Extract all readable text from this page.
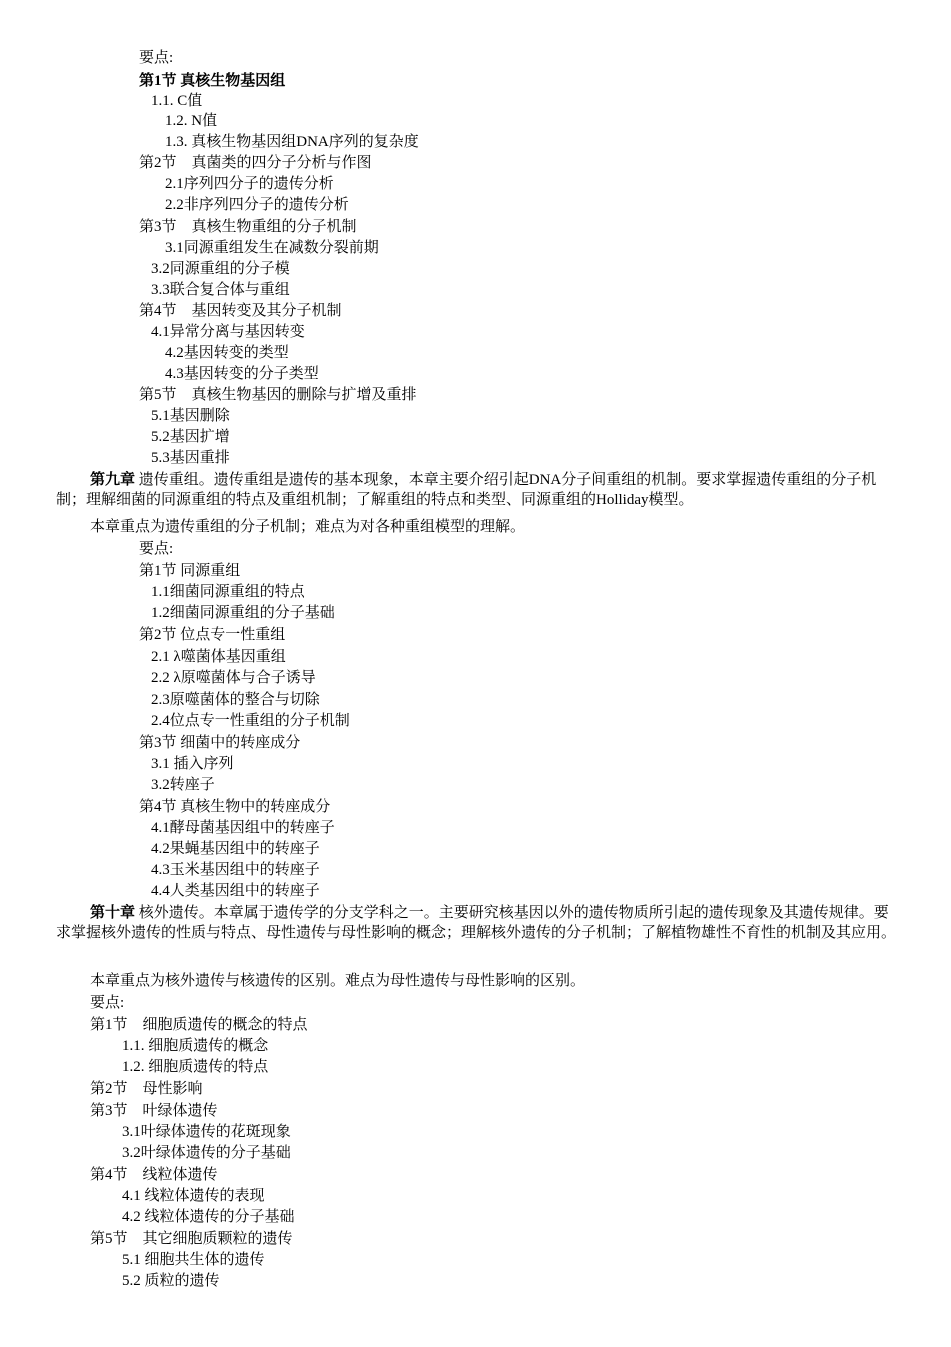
要点:
第1节 真核生物基因组
1.1. C值
1.2. N值
1.3. 真核生物基因组DNA序列的复杂度
第2节　真菌类的四分子分析与作图
2.1序列四分子的遗传分析
2.2非序列四分子的遗传分析
第3节　真核生物重组的分子机制
3.1同源重组发生在减数分裂前期
3.2同源重组的分子模
3.3联合复合体与重组
第4节　基因转变及其分子机制
4.1异常分离与基因转变
4.2基因转变的类型
4.3基因转变的分子类型
第5节　真核生物基因的删除与扩增及重排
5.1基因删除
5.2基因扩增
5.3基因重排
第九章 遗传重组。遗传重组是遗传的基本现象，本章主要介绍引起DNA分子间重组的机制。要求掌握遗传重组的分子机制；理解细菌的同源重组的特点及重组机制；了解重组的特点和类型、同源重组的Holliday模型。
本章重点为遗传重组的分子机制；难点为对各种重组模型的理解。
要点:
第1节 同源重组
1.1细菌同源重组的特点
1.2细菌同源重组的分子基础
第2节 位点专一性重组
2.1 λ噬菌体基因重组
2.2 λ原噬菌体与合子诱导
2.3原噬菌体的整合与切除
2.4位点专一性重组的分子机制
第3节 细菌中的转座成分
3.1 插入序列
3.2转座子
第4节 真核生物中的转座成分
4.1酵母菌基因组中的转座子
4.2果蝇基因组中的转座子
4.3玉米基因组中的转座子
4.4人类基因组中的转座子
第十章 核外遗传。本章属于遗传学的分支学科之一。主要研究核基因以外的遗传物质所引起的遗传现象及其遗传规律。要求掌握核外遗传的性质与特点、母性遗传与母性影响的概念；理解核外遗传的分子机制；了解植物雄性不育性的机制及其应用。
本章重点为核外遗传与核遗传的区别。难点为母性遗传与母性影响的区别。
要点:
第1节　细胞质遗传的概念的特点
1.1. 细胞质遗传的概念
1.2. 细胞质遗传的特点
第2节　母性影响
第3节　叶绿体遗传
3.1叶绿体遗传的花斑现象
3.2叶绿体遗传的分子基础
第4节　线粒体遗传
4.1 线粒体遗传的表现
4.2 线粒体遗传的分子基础
第5节　其它细胞质颗粒的遗传
5.1 细胞共生体的遗传
5.2 质粒的遗传
